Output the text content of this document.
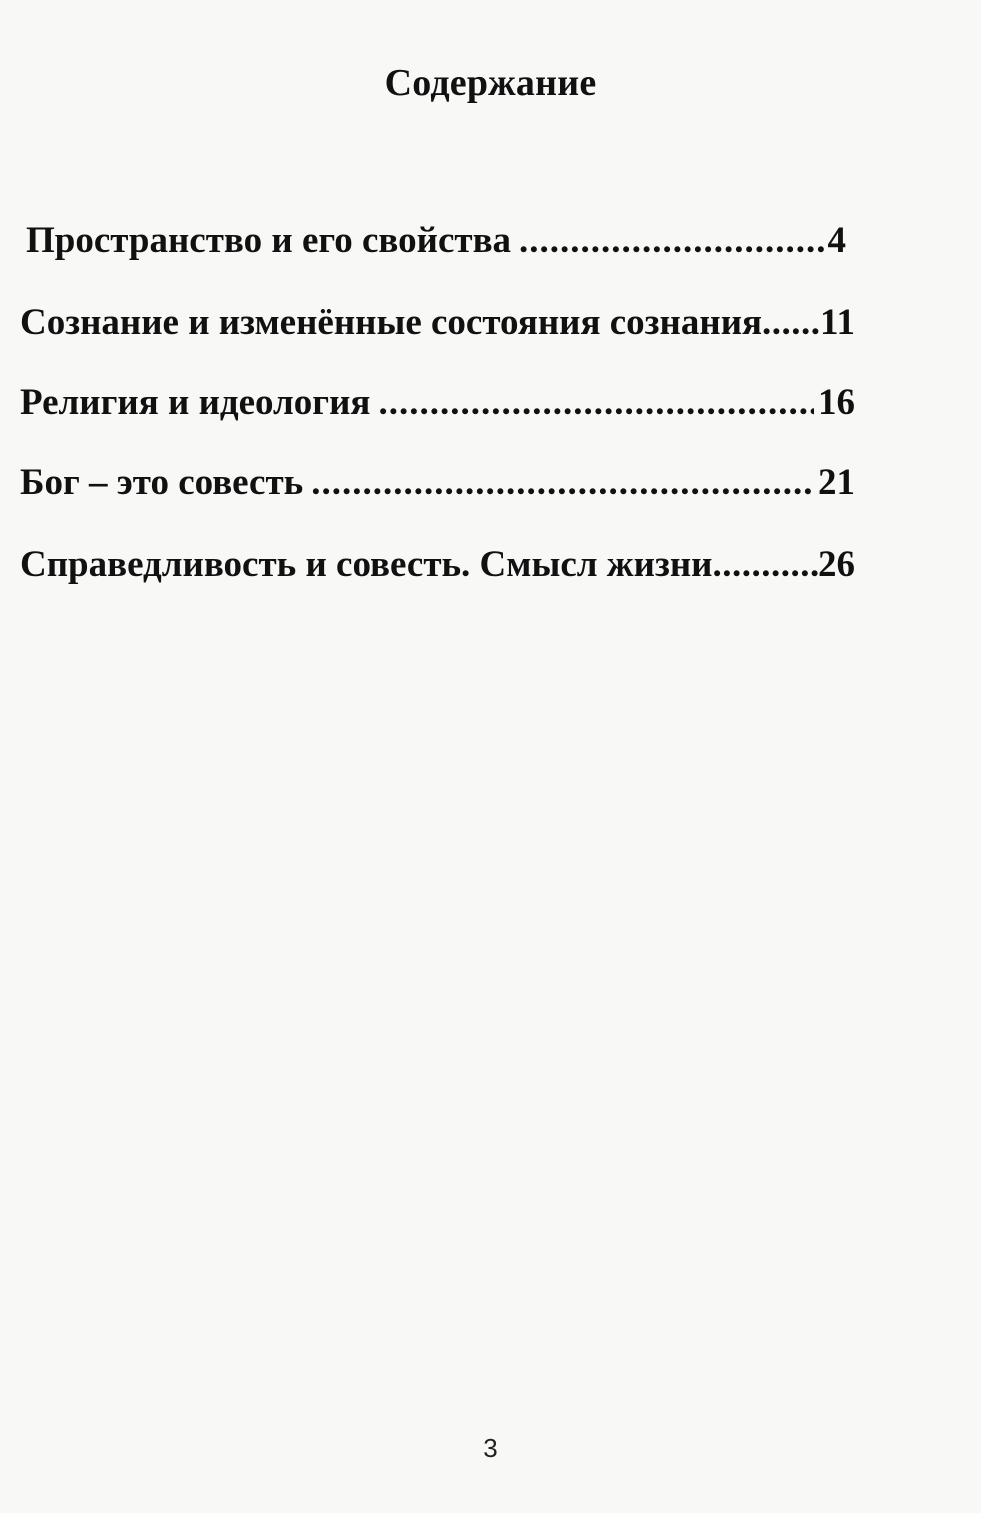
Содержание
Пространство и его свойства .....	4
Сознание и изменённые состояния сознания ..... 11
Религия и идеология .....	16
Бог – это совесть .....	21
Справедливость и совесть. Смысл жизни .....	26
3
